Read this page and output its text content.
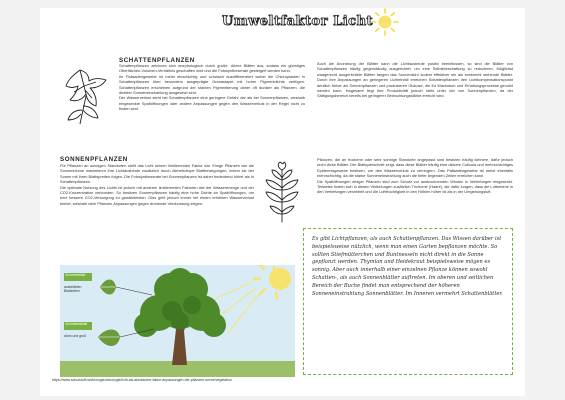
Umweltfaktor Licht
SCHATTENPFLANZEN

Schattenpflanzen zeichnen sich morphologisch durch große, dünne Blätter aus, sodass ein günstiges Oberflächen-Volumen-Verhältnis geschaffen wird und die Fotosyntheserate gesteigert werden kann.

Ihr Palisadengewebe ist meist einschichtig und schwach ausdifferenziert wobei die Chloroplasten in Schattenpflanzen über besonders ausgeprägte Granastapel mit hoher Pigmentdichte verfügen. Schattenpflanzen erscheinen aufgrund der starken Pigmentierung daher oft dunkler als Pflanzen, die direkter Sonneneinstrahlung ausgesetzt sind.

Der Wasserverlust steht bei Schattenpflanzen eine geringere Gefahr dar als bei Sonnenpflanzen, weshalb eingesenkte Spaltöffnungen oder andere Anpassungen gegen den Wasserverlust in der Regel nicht zu finden sind.

Auch die Anordnung der Blätter kann die Lichtausbeute positiv beeinflussen, so sind die Blätter von Schattenpflanzen häufig gegenständig ausgerichtet, um eine Selbstbeschattung zu reduzieren. Möglichst waagerecht ausgerichtete Blätter fangen das Sonnenlicht zudem effektiver ein als senkrecht stehende Blätter. Durch ihre Anpassungen an geringeren Lichteinfall erreichen Schattenpflanzen den Lichtkompensationspunkt deutlich früher als Sonnenpflanzen und produzieren Glukose, die für Wachstum und Erhaltungsprozesse genutzt werden kann. Insgesamt liegt ihre Produktivität jedoch stets unter der von Sonnenpflanzen, da der Sättigungsbereich bereits bei geringerer Beleuchtungsstärke erreicht wird.

SONNENPFLANZEN

Für Pflanzen an sonnigen Standorten stellt das Licht keinen limitierenden Faktor dar. Einige Pflanzen wie die Sonnenblume maximieren ihre Lichtausbeute zusätzlich durch dieheliotrope Blattbewegungen, indem sie der Sonne mit ihren Blattspreiten folgen. Die Fotosyntheserate bei Sonnenpflanzen ist daher bedeutend höher als in Schattenpflanzen.

Die optimale Nutzung des Lichts ist jedoch mit anderen limitierenden Faktoren wie der Wasserenenge und der CO2-Konzentration verbunden. So besitzen Sonnenpflanzen häufig eine hohe Dichte an Spaltöffnungen, um eine bessere CO2-Versorgung zu gewährleisten. Dies geht jedoch immer mit einem erhöhten Wasserverlust einher, weshalb viele Pflanzen Anpassungen gegen drohende Verdunstung zeigen.

Pflanzen, die an trockene oder sehr sonnige Standorte angepasst sind besitzen häufig kleinere, dafür jedoch recht dicke Blätter. Der Blattquerschnitt zeigt, dass diese Blätter häufig eine dickere Cuticula und mehrschichtiges Epidermisgewebe besitzen, um den Wasserverlust zu verringern. Das Palisadengewebe ist meist ebenfalls mehrschichtig, da die starke Sonneneinstrahlung auch die tiefer liegenden Zellen erreichen kann.

Die Spaltöffnungen einiger Pflanzen sind zum Schutz vor austrocknenden Winden in Vertiefungen eingesenkt. Teilweise finden sich in diesen Vertiefungen zusätzlich Trichome (Haare), die dafür sorgen, dass die Luftströme in den Vertiefungen verwirbelt und die Luftfeuchtigkeit in den Höhlen höher ist als in der Umgebungsluft.

Sonnenblatt
ausbildeten Blattzellen
Schattenblatt
dünn und groß

Es gibt Lichtpflanzen, als auch Schattenpflanzen. Das Wissen darüber ist beispielsweise nützlich, wenn man einen Garten bepflanzen möchte. So sollten Stiefmütterchen und Buntnesseln nicht direkt in die Sonne gepflanzt werden. Thymian und Heidekraut beispielsweise mögen es sonnig. Aber auch innerhalb einer einzelnen Pflanze können sowohl Schatten-, als auch Sonnenblätter auftreten. Im oberen und seitlichen Bereich der Buche findet man entsprechend der höheren Sonneneinstrahlung Sonnenblätter. Im Inneren vermehrt Schattenblätter.

https://www.schulstoff.net/biologie/oekologie/licht-als-abiotischer-faktor-anpassungen-der-pflanzen-sonne/vegetation
